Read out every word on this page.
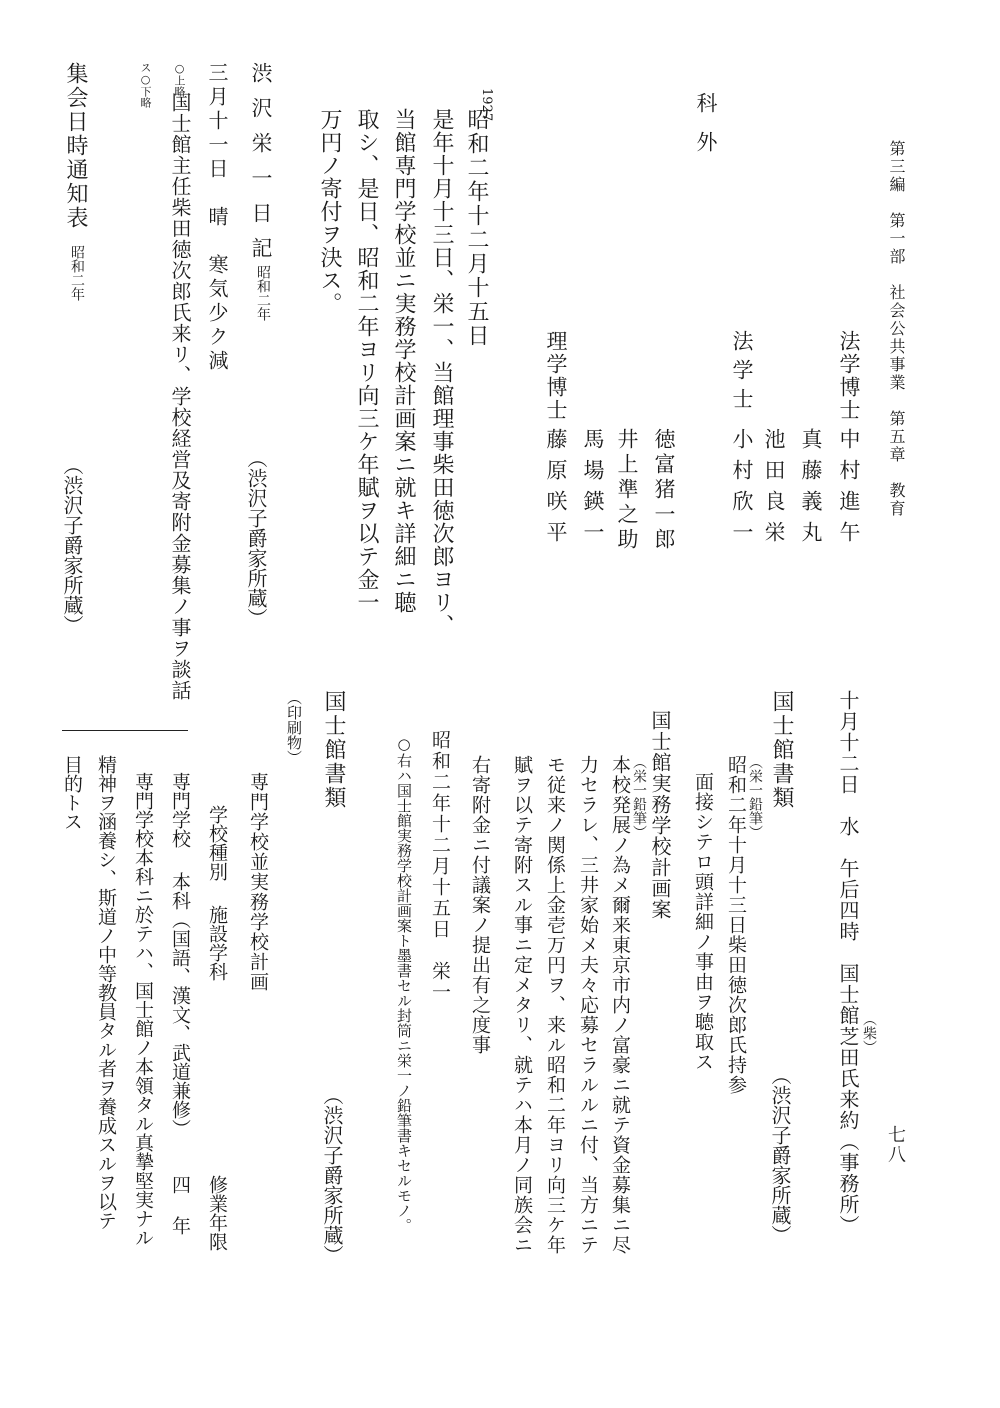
第三編　第一部　社会公共事業　第五章　教育
七八
法学博士
中村進午
真藤義丸
法学士
池田良栄
小村欣一
徳富猪一郎
井上準之助
馬場鍈一
理学博士
藤原咲平
科外
1927
昭和二年十二月十五日
是年十月十三日、栄一、当館理事柴田徳次郎ヨリ、
当館専門学校並ニ実務学校計画案ニ就キ詳細ニ聴
取シ、是日、昭和二年ヨリ向三ケ年賦ヲ以テ金一
万円ノ寄付ヲ決ス。
渋沢栄一日記
昭和二年
（渋沢子爵家所蔵）
三月十一日　晴　寒気少ク減
○上略
国士館主任柴田徳次郎氏来リ、学校経営及寄附金募集ノ事ヲ談話
ス○下略
集会日時通知表
昭和二年
（渋沢子爵家所蔵）
十月十二日　水　午后四時　国士館芝田氏来約（事務所） （柴）
国士館書類
（渋沢子爵家所蔵）
（栄一鉛筆）
昭和二年十月十三日柴田徳次郎氏持参
面接シテロ頭詳細ノ事由ヲ聴取ス
国士館実務学校計画案
（栄一鉛筆）
本校発展ノ為メ爾来東京市内ノ富豪ニ就テ資金募集ニ尽
力セラレ、三井家始メ夫々応募セラルルニ付、当方ニテ
モ従来ノ関係上金壱万円ヲ、来ル昭和二年ヨリ向三ケ年
賦ヲ以テ寄附スル事ニ定メタリ、就テハ本月ノ同族会ニ
右寄附金ニ付議案ノ提出有之度事
昭和二年十二月十五日　栄一
○右ハ国士館実務学校計画案ト墨書セル封筒ニ栄一ノ鉛筆書キセルモノ。
国士館書類
（渋沢子爵家所蔵）
（印刷物）
専門学校並実務学校計画
学校種別
施設学科
修業年限
専門学校
本科（国語、漢文、武道兼修）
四年
専門学校本科ニ於テハ、国士館ノ本領タル真摯堅実ナル
精神ヲ涵養シ、斯道ノ中等教員タル者ヲ養成スルヲ以テ
目的トス
